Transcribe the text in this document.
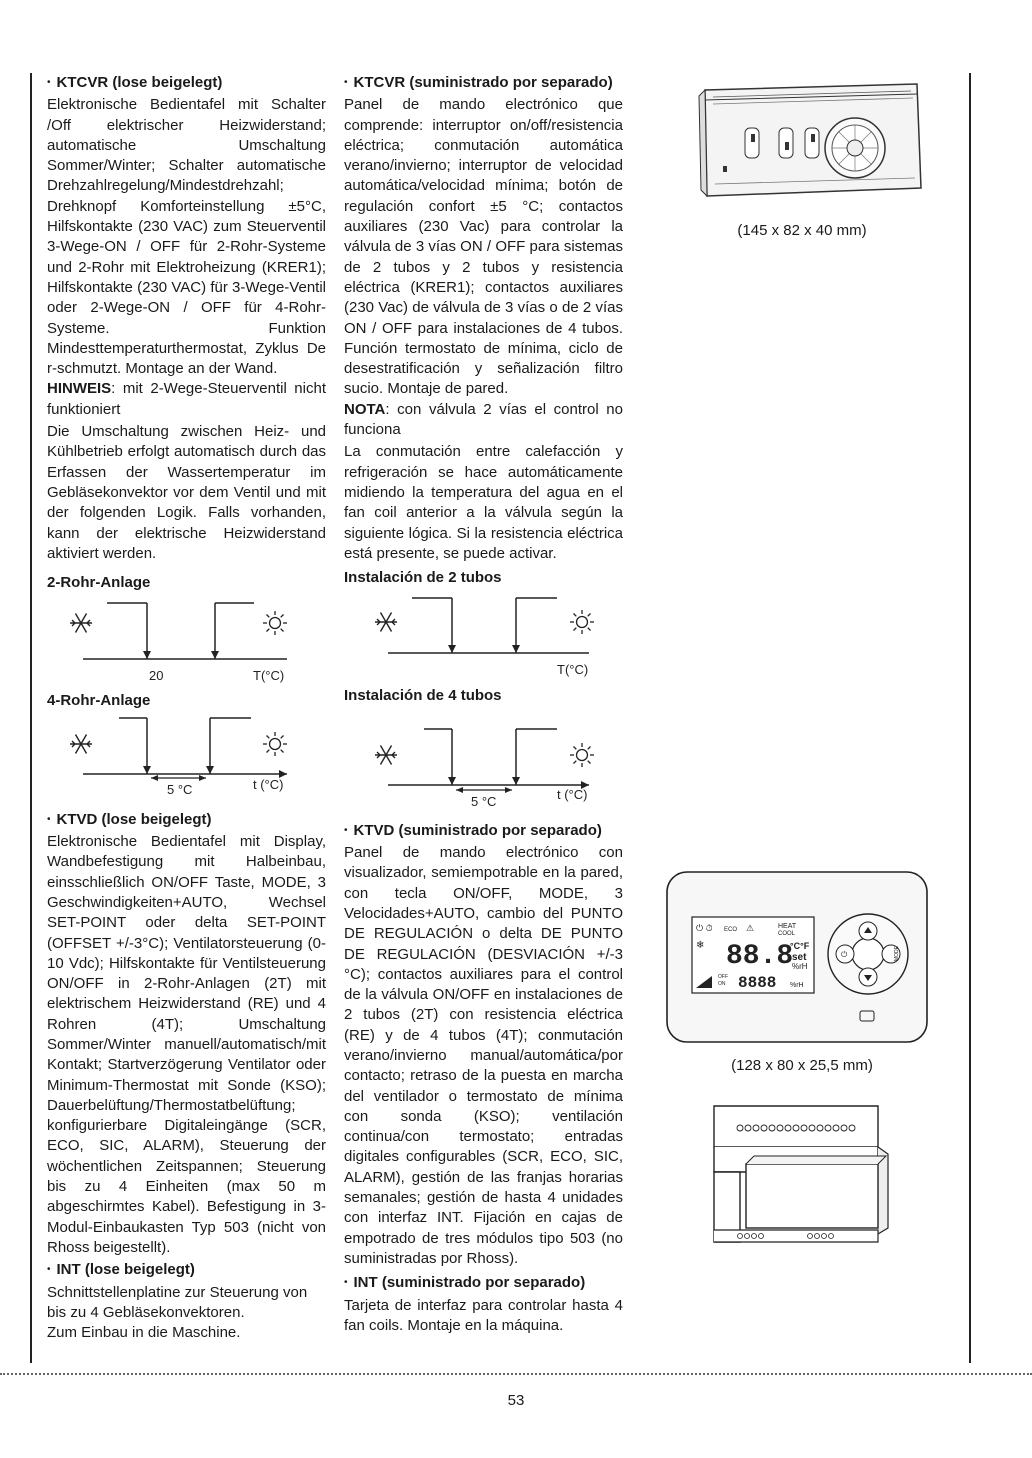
• KTCVR (lose beigelegt)

Elektronische Bedientafel mit Schalter /Off elektrischer Heizwiderstand; automatische Umschaltung Sommer/Winter; Schalter automatische Drehzahlregelung/Mindestdrehzahl; Drehknopf Komforteinstellung ±5°C, Hilfskontakte (230 VAC) zum Steuerventil 3-Wege-ON / OFF für 2-Rohr-Systeme und 2-Rohr mit Elektroheizung (KRER1); Hilfskontakte (230 VAC) für 3-Wege-Ventil oder 2-Wege-ON / OFF für 4-Rohr-Systeme. Funktion Mindesttemperaturthermostat, Zyklus De r-schmutzt. Montage an der Wand.

HINWEIS: mit 2-Wege-Steuerventil nicht funktioniert

Die Umschaltung zwischen Heiz- und Kühlbetrieb erfolgt automatisch durch das Erfassen der Wassertemperatur im Gebläsekonvektor vor dem Ventil und mit der folgenden Logik. Falls vorhanden, kann der elektrische Heizwiderstand aktiviert werden.

2-Rohr-Anlage
20	T(°C)
4-Rohr-Anlage
5 °C	t (°C)
• KTVD (lose beigelegt)

Elektronische Bedientafel mit Display, Wandbefestigung mit Halbeinbau, einsschließlich ON/OFF Taste, MODE, 3 Geschwindigkeiten+AUTO, Wechsel SET-POINT oder delta SET-POINT (OFFSET +/-3°C); Ventilatorsteuerung (0-10 Vdc); Hilfskontakte für Ventilsteuerung ON/OFF in 2-Rohr-Anlagen (2T) mit elektrischem Heizwiderstand (RE) und 4 Rohren (4T); Umschaltung Sommer/Winter manuell/automatisch/mit Kontakt; Startverzögerung Ventilator oder Minimum-Thermostat mit Sonde (KSO); Dauerbelüftung/Thermostatbelüftung; konfigurierbare Digitaleingänge (SCR, ECO, SIC, ALARM), Steuerung der wöchentlichen Zeitspannen; Steuerung bis zu 4 Einheiten (max 50 m abgeschirmtes Kabel). Befestigung in 3-Modul-Einbaukasten Typ 503 (nicht von Rhoss beigestellt).

• INT (lose beigelegt)
Schnittstellenplatine zur Steuerung von bis zu 4 Gebläsekonvektoren.
Zum Einbau in die Maschine.
• KTCVR (suministrado por separado)

Panel de mando electrónico que comprende: interruptor on/off/resistencia eléctrica; conmutación automática verano/invierno; interruptor de velocidad automática/velocidad mínima; botón de regulación confort ±5 °C; contactos auxiliares (230 Vac) para controlar la válvula de 3 vías ON / OFF para sistemas de 2 tubos y 2 tubos y resistencia eléctrica (KRER1); contactos auxiliares (230 Vac) de válvula de 3 vías o de 2 vías ON / OFF para instalaciones de 4 tubos. Función termostato de mínima, ciclo de desestratificación y señalización filtro sucio. Montaje de pared.

NOTA: con válvula 2 vías el control no funciona

La conmutación entre calefacción y refrigeración se hace automáticamente midiendo la temperatura del agua en el fan coil anterior a la válvula según la siguiente lógica. Si la resistencia eléctrica está presente, se puede activar.

Instalación de 2 tubos
T(°C)
Instalación de 4 tubos
5 °C	t (°C)
• KTVD (suministrado por separado)

Panel de mando electrónico con visualizador, semiempotrable en la pared, con tecla ON/OFF, MODE, 3 Velocidades+AUTO, cambio del PUNTO DE REGULACIÓN o delta DE PUNTO DE REGULACIÓN (DESVIACIÓN +/-3 °C); contactos auxiliares para el control de la válvula ON/OFF en instalaciones de 2 tubos (2T) con resistencia eléctrica (RE) y de 4 tubos (4T); conmutación verano/invierno manual/automática/por contacto; retraso de la puesta en marcha del ventilador o termostato de mínima con sonda (KSO); ventilación continua/con termostato; entradas digitales configurables (SCR, ECO, SIC, ALARM), gestión de las franjas horarias semanales; gestión de hasta 4 unidades con interfaz INT. Fijación en cajas de empotrado de tres módulos tipo 503 (no suministradas por Rhoss).

• INT (suministrado por separado)

Tarjeta de interfaz para controlar hasta 4 fan coils. Montaje en la máquina.

(145 x 82 x 40 mm)
⏻ ⏱ ECO ⚠	HEAT
COOL
❄ 88.8
°C°F
set
%rH
OFF
ON 8888 %rH
⏻	MODE
(128 x 80 x 25,5 mm)
53
